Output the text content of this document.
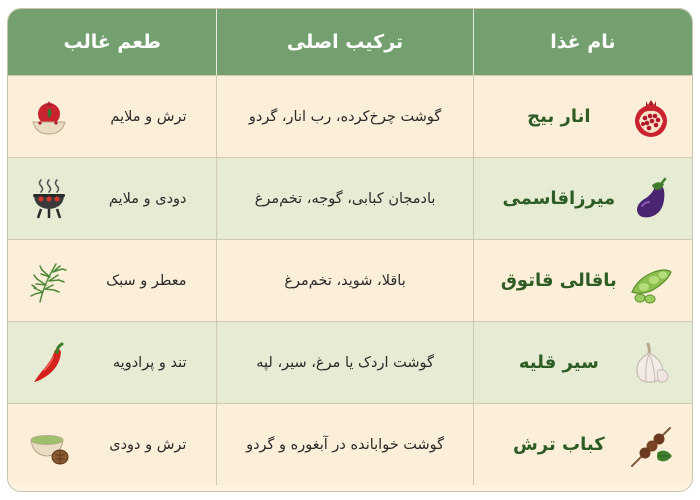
نام غذا
ترکیب اصلی
طعم غالب
انار بیج
گوشت چرخ‌کرده، رب انار، گردو
ترش و ملایم
میرزاقاسمی
بادمجان کبابی، گوجه، تخم‌مرغ
دودی و ملایم
باقالی قاتوق
باقلا، شوید، تخم‌مرغ
معطر و سبک
سیر قلیه
گوشت اردک یا مرغ، سیر، لپه
تند و پرادویه
کباب ترش
گوشت خوابانده در آبغوره و گردو
ترش و دودی
